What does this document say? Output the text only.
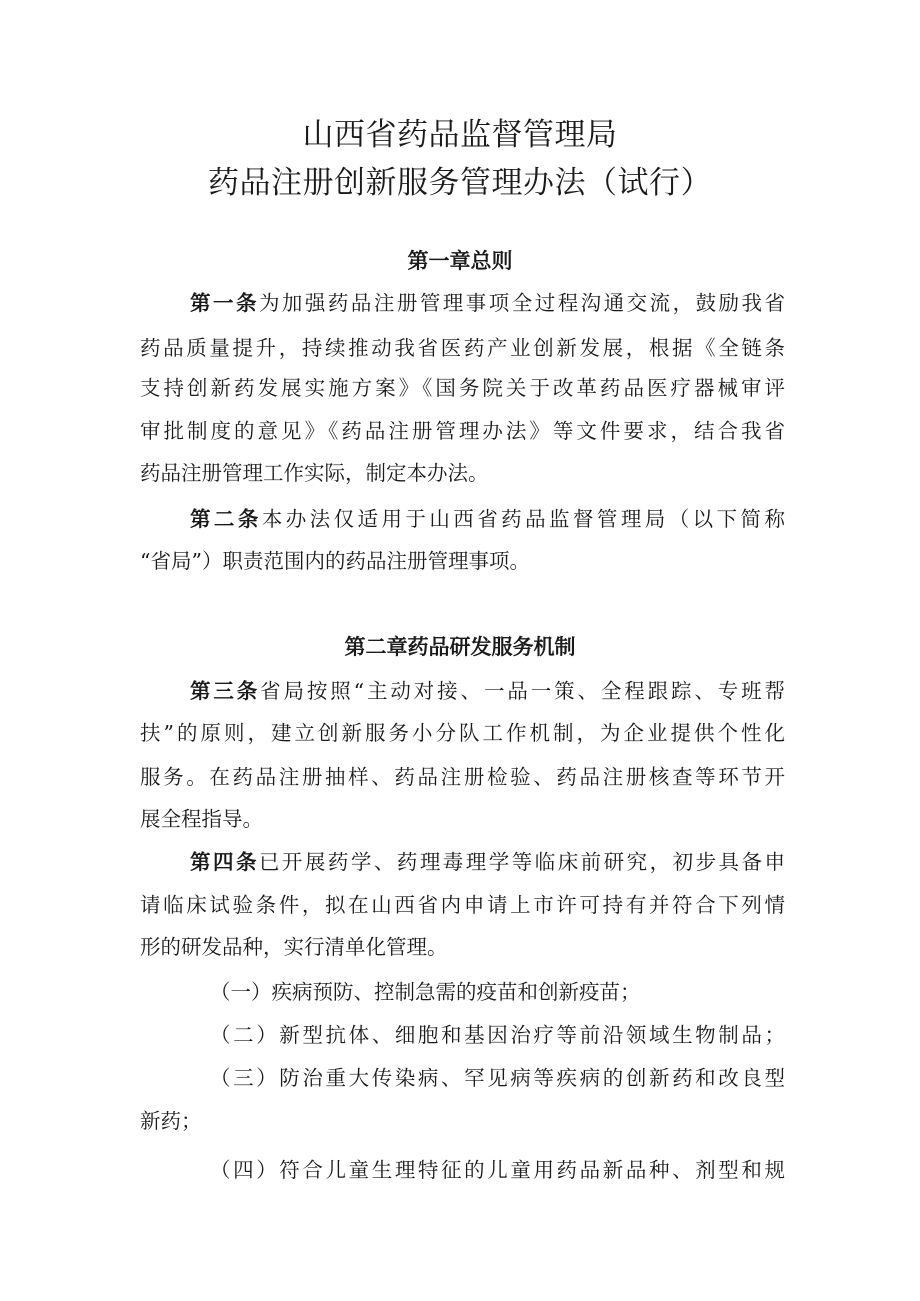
山西省药品监督管理局
药品注册创新服务管理办法（试行）
第一章总则
第一条为加强药品注册管理事项全过程沟通交流，鼓励我省
药品质量提升，持续推动我省医药产业创新发展，根据《全链条
支持创新药发展实施方案》《国务院关于改革药品医疗器械审评
审批制度的意见》《药品注册管理办法》等文件要求，结合我省
药品注册管理工作实际，制定本办法。
第二条本办法仅适用于山西省药品监督管理局（以下简称
“省局”）职责范围内的药品注册管理事项。
第二章药品研发服务机制
第三条省局按照“主动对接、一品一策、全程跟踪、专班帮
扶”的原则，建立创新服务小分队工作机制，为企业提供个性化
服务。在药品注册抽样、药品注册检验、药品注册核查等环节开
展全程指导。
第四条已开展药学、药理毒理学等临床前研究，初步具备申
请临床试验条件，拟在山西省内申请上市许可持有并符合下列情
形的研发品种，实行清单化管理。
（一）疾病预防、控制急需的疫苗和创新疫苗；
（二）新型抗体、细胞和基因治疗等前沿领域生物制品；
（三）防治重大传染病、罕见病等疾病的创新药和改良型
新药；
（四）符合儿童生理特征的儿童用药品新品种、剂型和规
